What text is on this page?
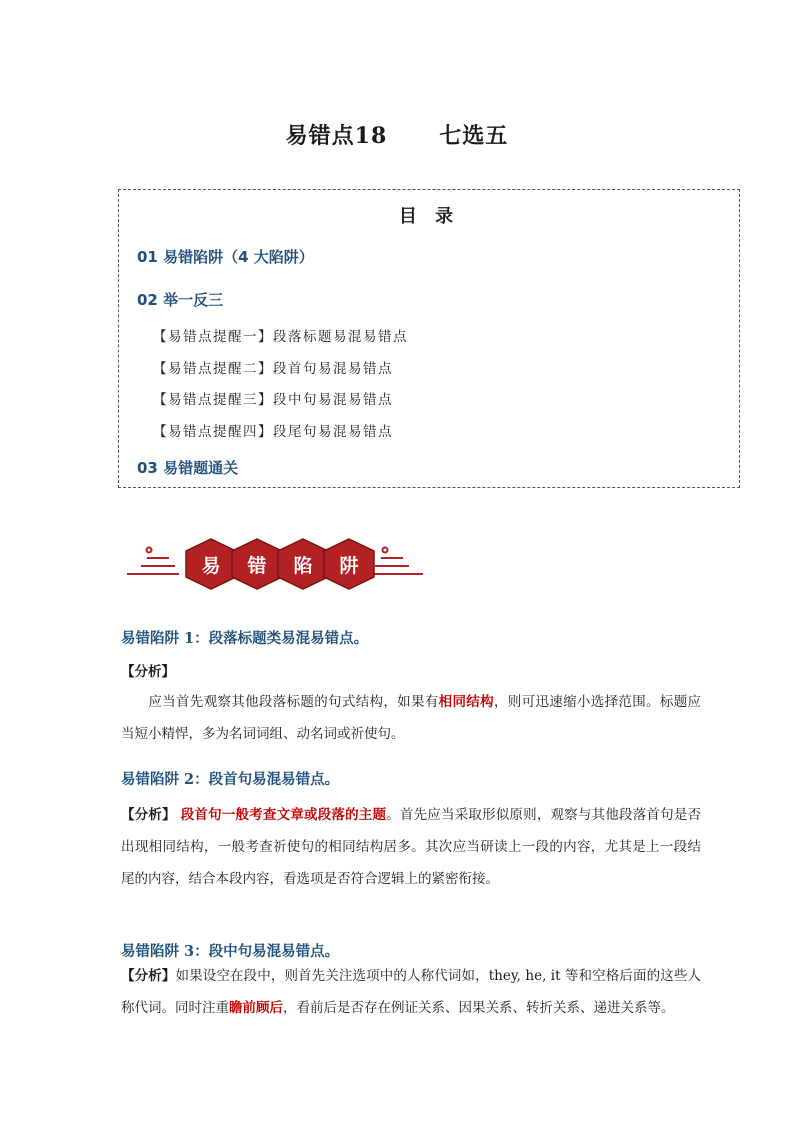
易错点18 七选五
目 录
01 易错陷阱（4 大陷阱）
02 举一反三
【易错点提醒一】段落标题易混易错点
【易错点提醒二】段首句易混易错点
【易错点提醒三】段中句易混易错点
【易错点提醒四】段尾句易混易错点
03 易错题通关
易	错	陷	阱
易错陷阱 1：段落标题类易混易错点。
【分析】
应当首先观察其他段落标题的句式结构，如果有相同结构，则可迅速缩小选择范围。标题应当短小精悍，多为名词词组、动名词或祈使句。
易错陷阱 2：段首句易混易错点。
【分析】 段首句一般考查文章或段落的主题。首先应当采取形似原则，观察与其他段落首句是否出现相同结构，一般考查祈使句的相同结构居多。其次应当研读上一段的内容，尤其是上一段结尾的内容，结合本段内容，看选项是否符合逻辑上的紧密衔接。
易错陷阱 3：段中句易混易错点。
【分析】如果设空在段中，则首先关注选项中的人称代词如，they, he, it 等和空格后面的这些人称代词。同时注重瞻前顾后，看前后是否存在例证关系、因果关系、转折关系、递进关系等。
